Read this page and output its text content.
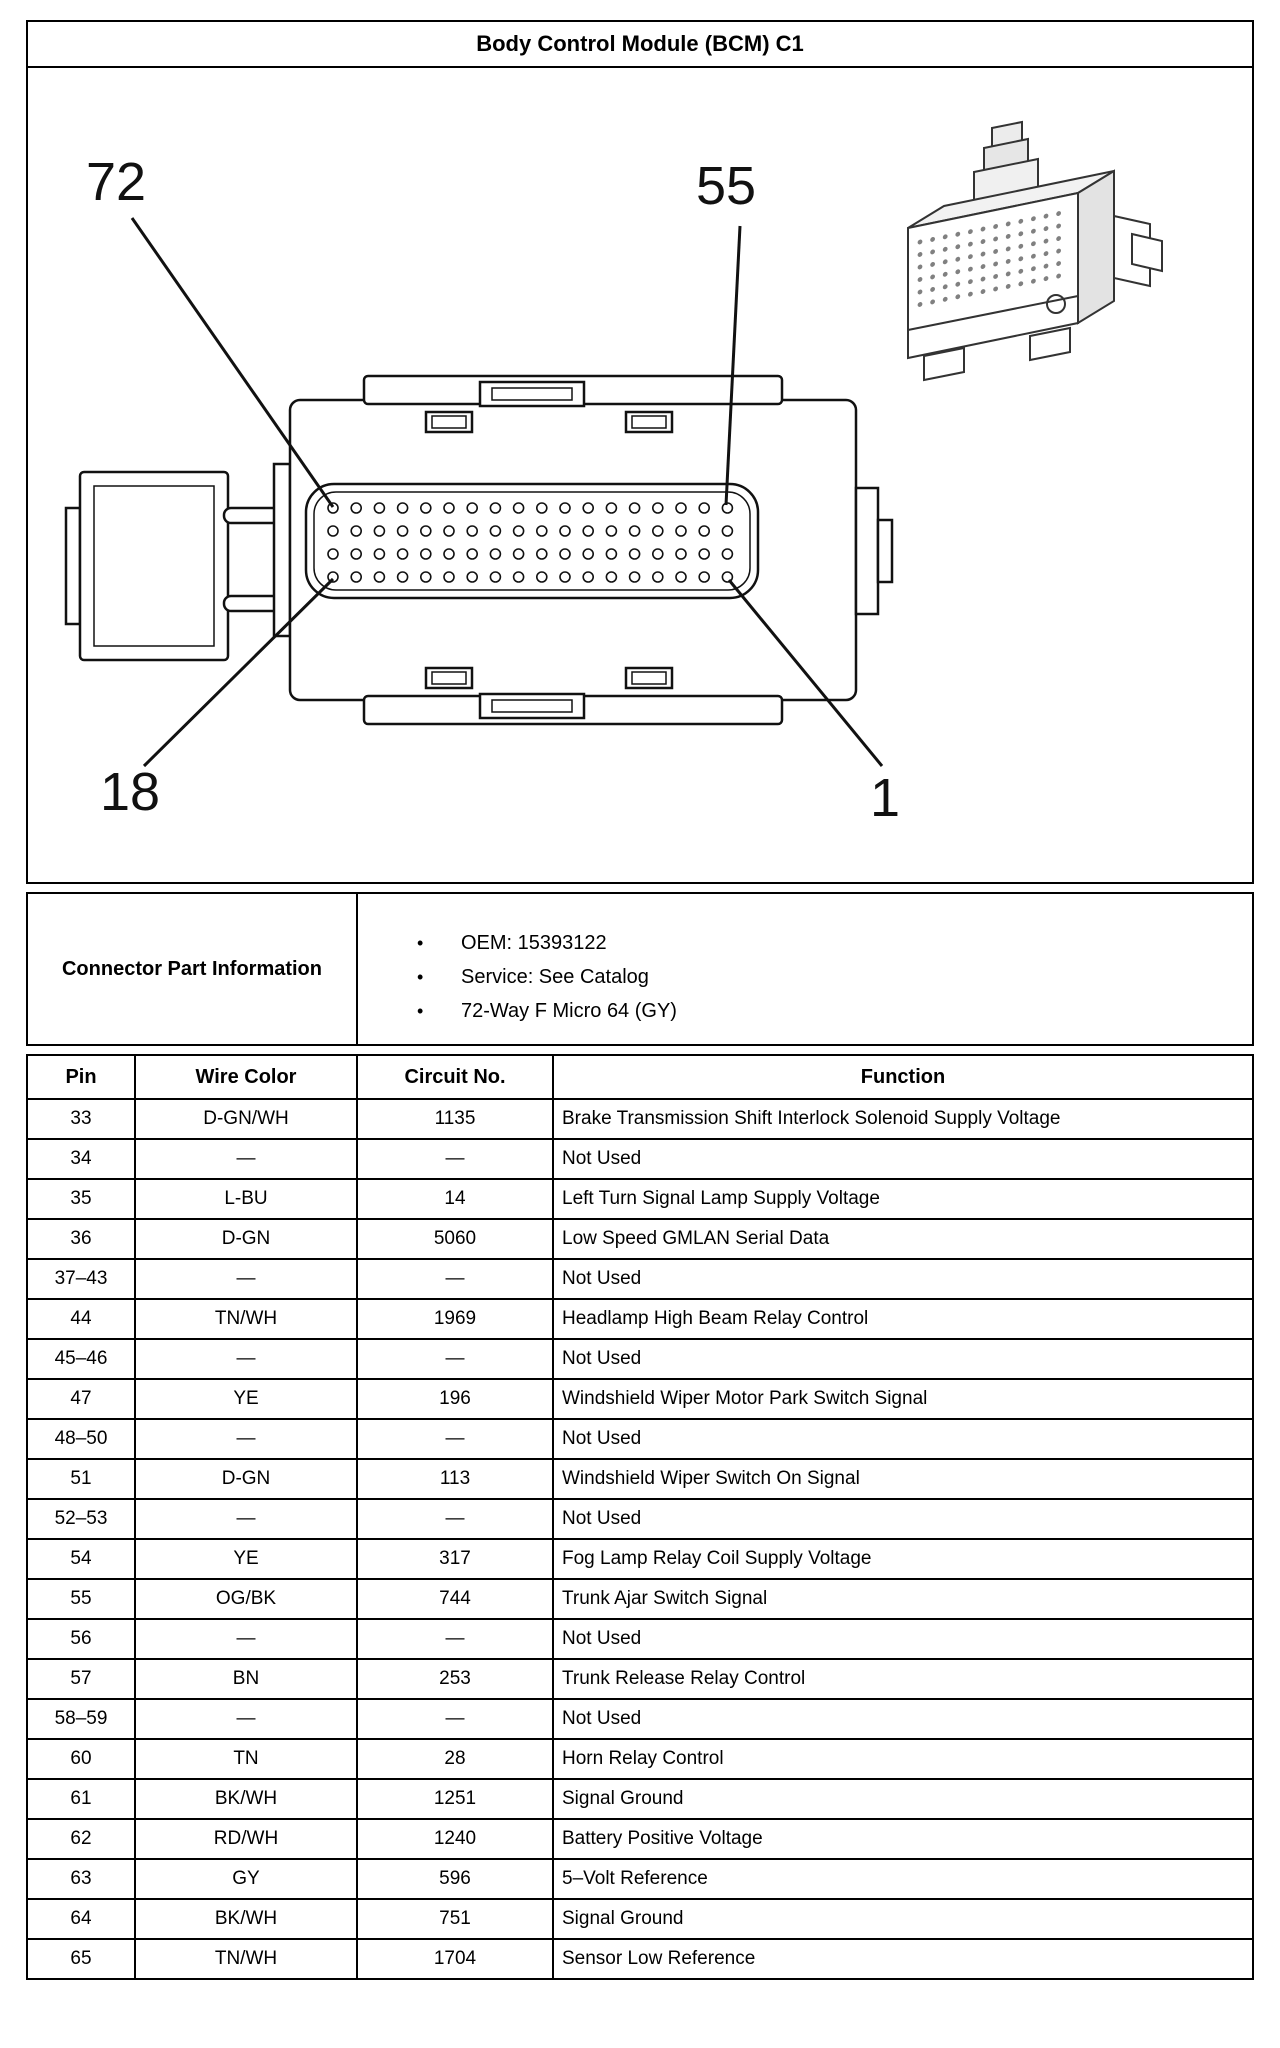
Body Control Module (BCM) C1
72	55
18	1
Connector Part Information	
• OEM: 15393122
• Service: See Catalog
• 72-Way F Micro 64 (GY)
Pin	Wire Color	Circuit No.	Function
33	D-GN/WH	1135	Brake Transmission Shift Interlock Solenoid Supply Voltage
34	—	—	Not Used
35	L-BU	14	Left Turn Signal Lamp Supply Voltage
36	D-GN	5060	Low Speed GMLAN Serial Data
37–43	—	—	Not Used
44	TN/WH	1969	Headlamp High Beam Relay Control
45–46	—	—	Not Used
47	YE	196	Windshield Wiper Motor Park Switch Signal
48–50	—	—	Not Used
51	D-GN	113	Windshield Wiper Switch On Signal
52–53	—	—	Not Used
54	YE	317	Fog Lamp Relay Coil Supply Voltage
55	OG/BK	744	Trunk Ajar Switch Signal
56	—	—	Not Used
57	BN	253	Trunk Release Relay Control
58–59	—	—	Not Used
60	TN	28	Horn Relay Control
61	BK/WH	1251	Signal Ground
62	RD/WH	1240	Battery Positive Voltage
63	GY	596	5–Volt Reference
64	BK/WH	751	Signal Ground
65	TN/WH	1704	Sensor Low Reference
